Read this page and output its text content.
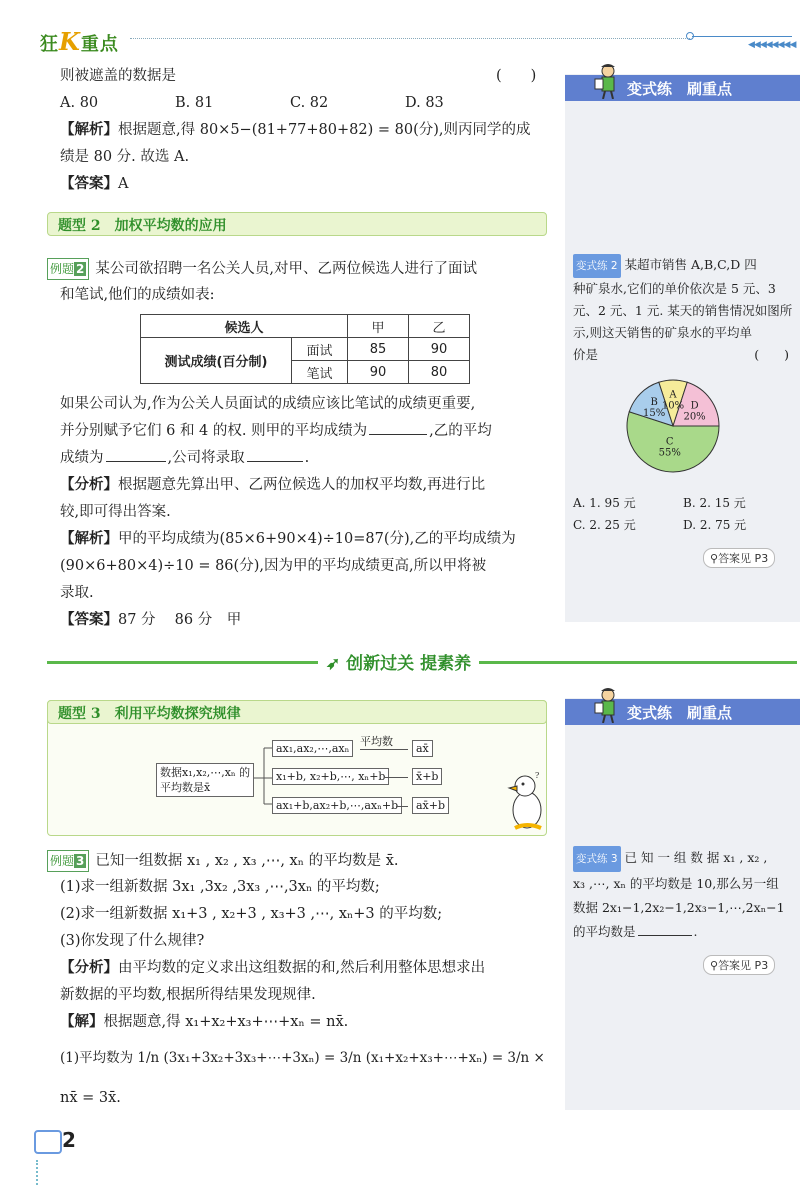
狂K重点	◀◀◀◀◀◀◀◀
变式练　刷重点
变式练 2 某超市销售 A,B,C,D 四
种矿泉水,它们的单价依次是 5 元、3
元、2 元、1 元. 某天的销售情况如图所
示,则这天销售的矿泉水的平均单
价是	(　　)
A
10% D
20%
C
55%
B
15%
A. 1. 95 元	B. 2. 15 元
C. 2. 25 元	D. 2. 75 元
⚲答案见 P3
则被遮盖的数据是	(　　)
A. 80	B. 81	C. 82	D. 83
【解析】根据题意,得 80×5−(81+77+80+82) = 80(分),则丙同学的成
绩是 80 分. 故选 A.
【答案】A
题型 2　加权平均数的应用
例题 2 某公司欲招聘一名公关人员,对甲、乙两位候选人进行了面试
和笔试,他们的成绩如表:
候选人		甲	乙
测试成绩(百分制)	面试	85	90
	笔试	90	80
如果公司认为,作为公关人员面试的成绩应该比笔试的成绩更重要,
并分别赋予它们 6 和 4 的权. 则甲的平均成绩为	,乙的平均
成绩为	,公司将录取	.
【分析】根据题意先算出甲、乙两位候选人的加权平均数,再进行比
较,即可得出答案.
【解析】甲的平均成绩为(85×6+90×4)÷10=87(分),乙的平均成绩为
(90×6+80×4)÷10 = 86(分),因为甲的平均成绩更高,所以甲将被
录取.
【答案】87 分　 86 分　甲
➶ 创新过关 提素养
变式练　刷重点
变式练 3 已 知 一 组 数 据 x₁ , x₂ ,
x₃ ,⋯, xₙ 的平均数是 10,那么另一组
数据 2x₁−1,2x₂−1,2x₃−1,⋯,2xₙ−1
的平均数是	.
⚲答案见 P3
题型 3　利用平均数探究规律
数据x₁,x₂,⋯,xₙ 的
平均数是x̄
ax₁,ax₂,⋯,axₙ
平均数
ax̄
x₁+b, x₂+b,⋯, xₙ+b	x̄+b
ax₁+b,ax₂+b,⋯,axₙ+b	ax̄+b
?
例题 3 已知一组数据 x₁ , x₂ , x₃ ,⋯, xₙ 的平均数是 x̄.
(1)求一组新数据 3x₁ ,3x₂ ,3x₃ ,⋯,3xₙ 的平均数;
(2)求一组新数据 x₁+3 , x₂+3 , x₃+3 ,⋯, xₙ+3 的平均数;
(3)你发现了什么规律?
【分析】由平均数的定义求出这组数据的和,然后利用整体思想求出
新数据的平均数,根据所得结果发现规律.
【解】根据题意,得 x₁+x₂+x₃+⋯+xₙ = nx̄.
(1)平均数为 1/n (3x₁+3x₂+3x₃+⋯+3xₙ) = 3/n (x₁+x₂+x₃+⋯+xₙ) = 3/n ×
nx̄ = 3x̄.
2
